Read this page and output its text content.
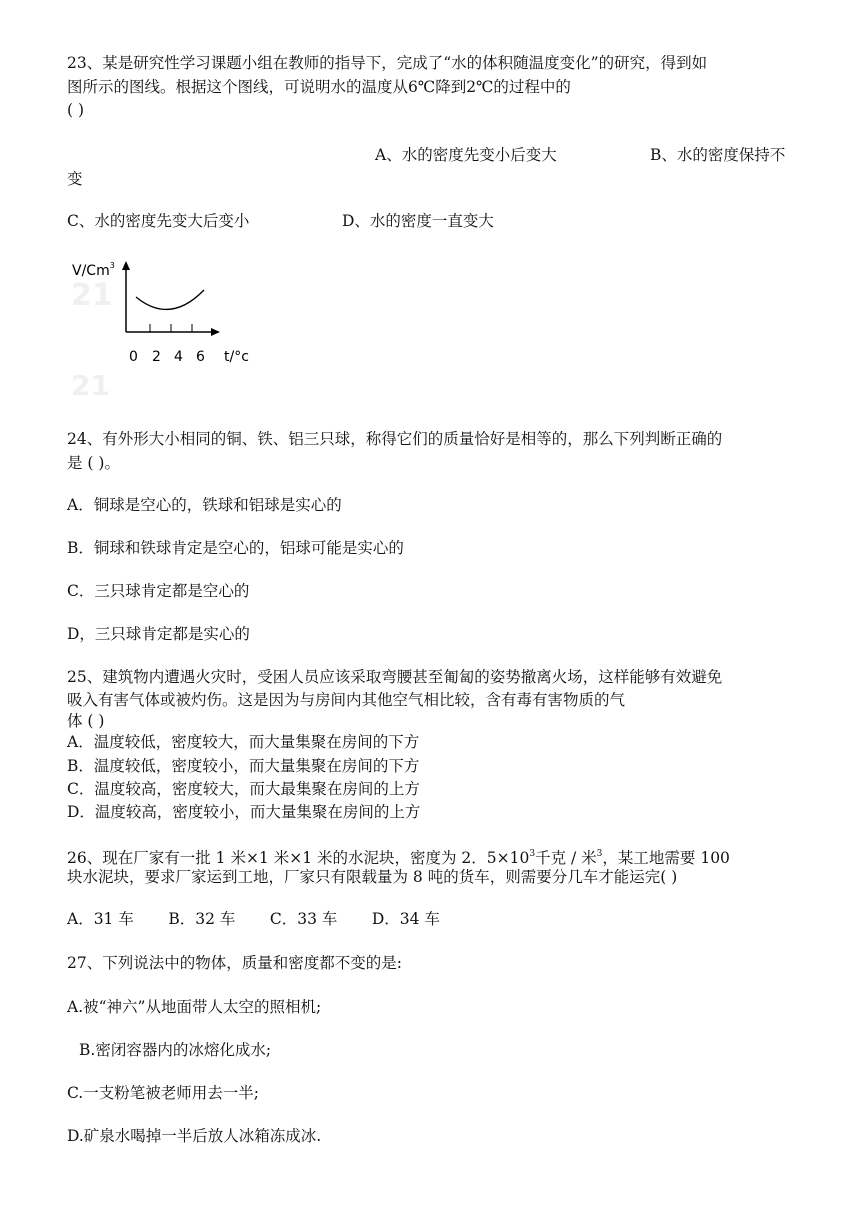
23、某是研究性学习课题小组在教师的指导下，完成了“水的体积随温度变化”的研究，得到如
图所示的图线。根据这个图线，可说明水的温度从6℃降到2℃的过程中的
( )
A、水的密度先变小后变大	B、水的密度保持不
变
C、水的密度先变大后变小	D、水的密度一直变大
21
21
V/Cm$^3$
0 2 4 6 t/°c
24、有外形大小相同的铜、铁、铝三只球，称得它们的质量恰好是相等的，那么下列判断正确的
是 ( )。
A．铜球是空心的，铁球和铝球是实心的
B．铜球和铁球肯定是空心的，铝球可能是实心的
C．三只球肯定都是空心的
D，三只球肯定都是实心的
25、建筑物内遭遇火灾时，受困人员应该采取弯腰甚至匍匐的姿势撤离火场，这样能够有效避免
吸入有害气体或被灼伤。这是因为与房间内其他空气相比较，含有毒有害物质的气
体 ( )
A．温度较低，密度较大，而大量集聚在房间的下方
B．温度较低，密度较小，而大量集聚在房间的下方
C．温度较高，密度较大，而大最集聚在房间的上方
D．温度较高，密度较小，而大量集聚在房间的上方
26、现在厂家有一批 1 米×1 米×1 米的水泥块，密度为 2．$5\times 10^3$千克 / 米$^3$，某工地需要 100
块水泥块，要求厂家运到工地，厂家只有限载量为 8 吨的货车，则需要分几车才能运完( )
A．31 车       B．32 车       C．33 车       D．34 车
27、下列说法中的物体，质量和密度都不变的是:
A.被“神六”从地面带人太空的照相机;
B.密闭容器内的冰熔化成水;
C.一支粉笔被老师用去一半;
D.矿泉水喝掉一半后放人冰箱冻成冰.
